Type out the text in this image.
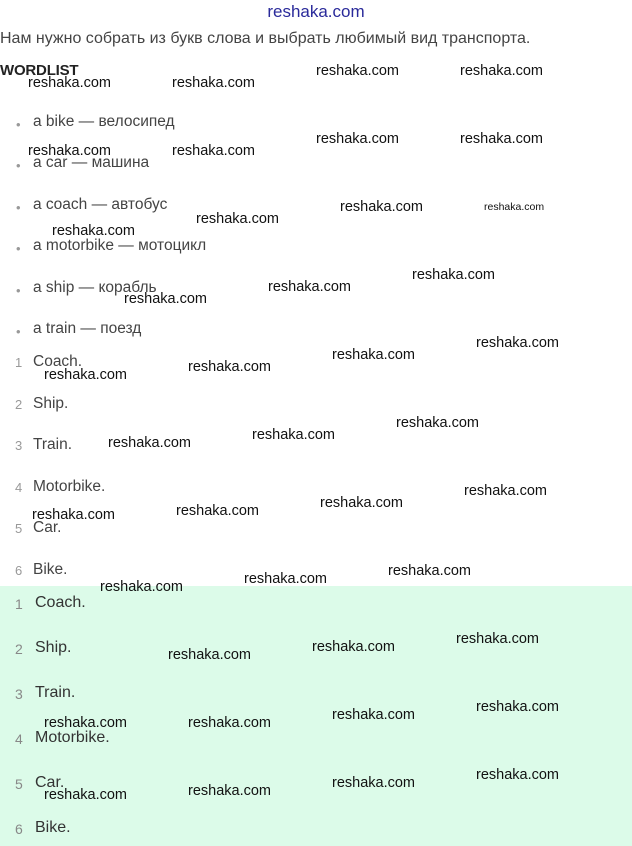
reshaka.com
Нам нужно собрать из букв слова и выбрать любимый вид транспорта.
WORDLIST
• a bike — велосипед
• a car — машина
• a coach — автобус
• a motorbike — мотоцикл
• a ship — корабль
• a train — поезд
1 Coach.
2 Ship.
3 Train.
4 Motorbike.
5 Car.
6 Bike.
1 Coach.
2 Ship.
3 Train.
4 Motorbike.
5 Car.
6 Bike.
reshaka.com	reshaka.com
reshaka.com	reshaka.com
reshaka.com	reshaka.com
reshaka.com	reshaka.com
reshaka.com
reshaka.com	reshaka.com
reshaka.com
reshaka.com
reshaka.com
reshaka.com
reshaka.com
reshaka.com
reshaka.com
reshaka.com
reshaka.com
reshaka.com
reshaka.com
reshaka.com
reshaka.com
reshaka.com
reshaka.com
reshaka.com
reshaka.com
reshaka.com
reshaka.com
reshaka.com
reshaka.com
reshaka.com
reshaka.com
reshaka.com
reshaka.com
reshaka.com
reshaka.com
reshaka.com
reshaka.com
